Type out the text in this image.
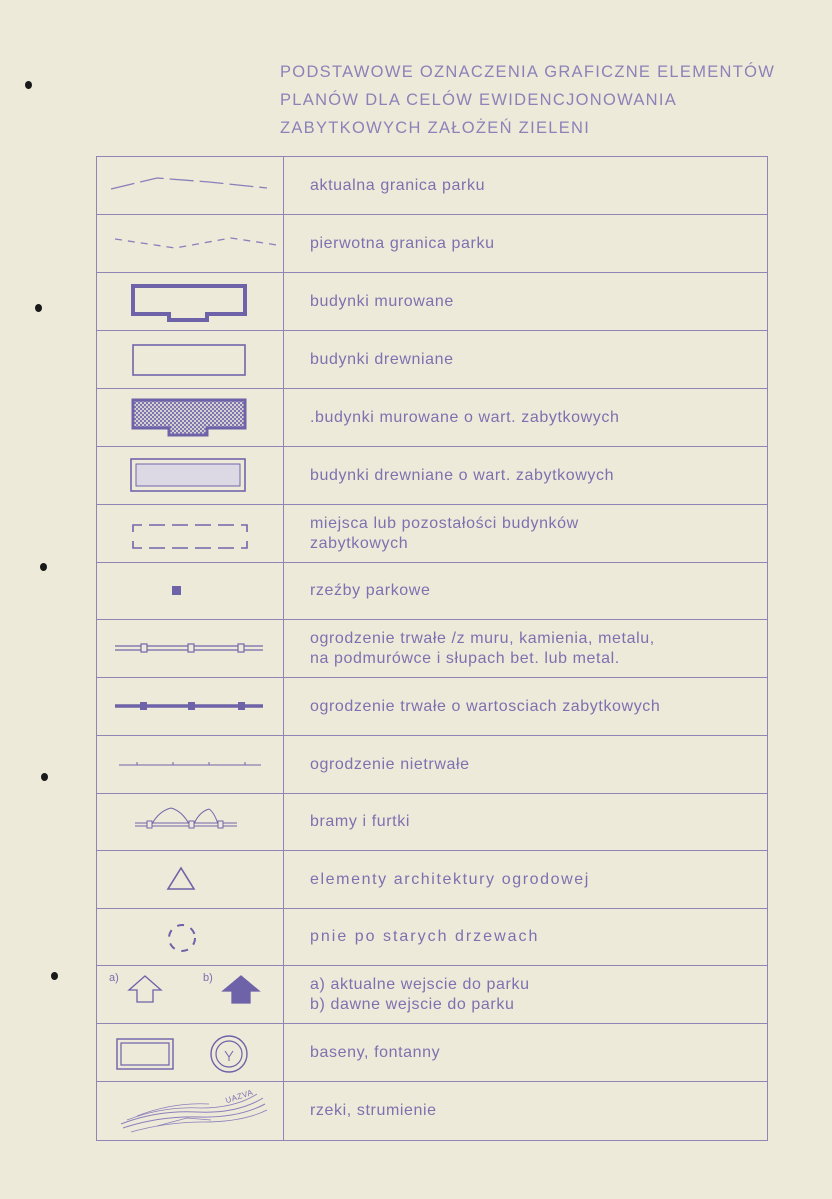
PODSTAWOWE OZNACZENIA GRAFICZNE ELEMENTÓW
PLANÓW DLA CELÓW EWIDENCJONOWANIA
ZABYTKOWYCH ZAŁOŻEŃ ZIELENI

aktualna granica parku

pierwotna granica parku

budynki murowane

budynki drewniane

.budynki murowane o wart. zabytkowych

budynki drewniane o wart. zabytkowych

miejsca lub pozostałości budynków
zabytkowych

rzeźby parkowe

ogrodzenie trwałe /z muru, kamienia, metalu,
na podmurówce i słupach bet. lub metal.

ogrodzenie trwałe o wartosciach zabytkowych

ogrodzenie nietrwałe

bramy i furtki

elementy architektury ogrodowej

pnie po starych drzewach

a) b)	a) aktualne wejscie do parku
b) dawne wejscie do parku

baseny, fontanny

UAZVA	rzeki, strumienie
